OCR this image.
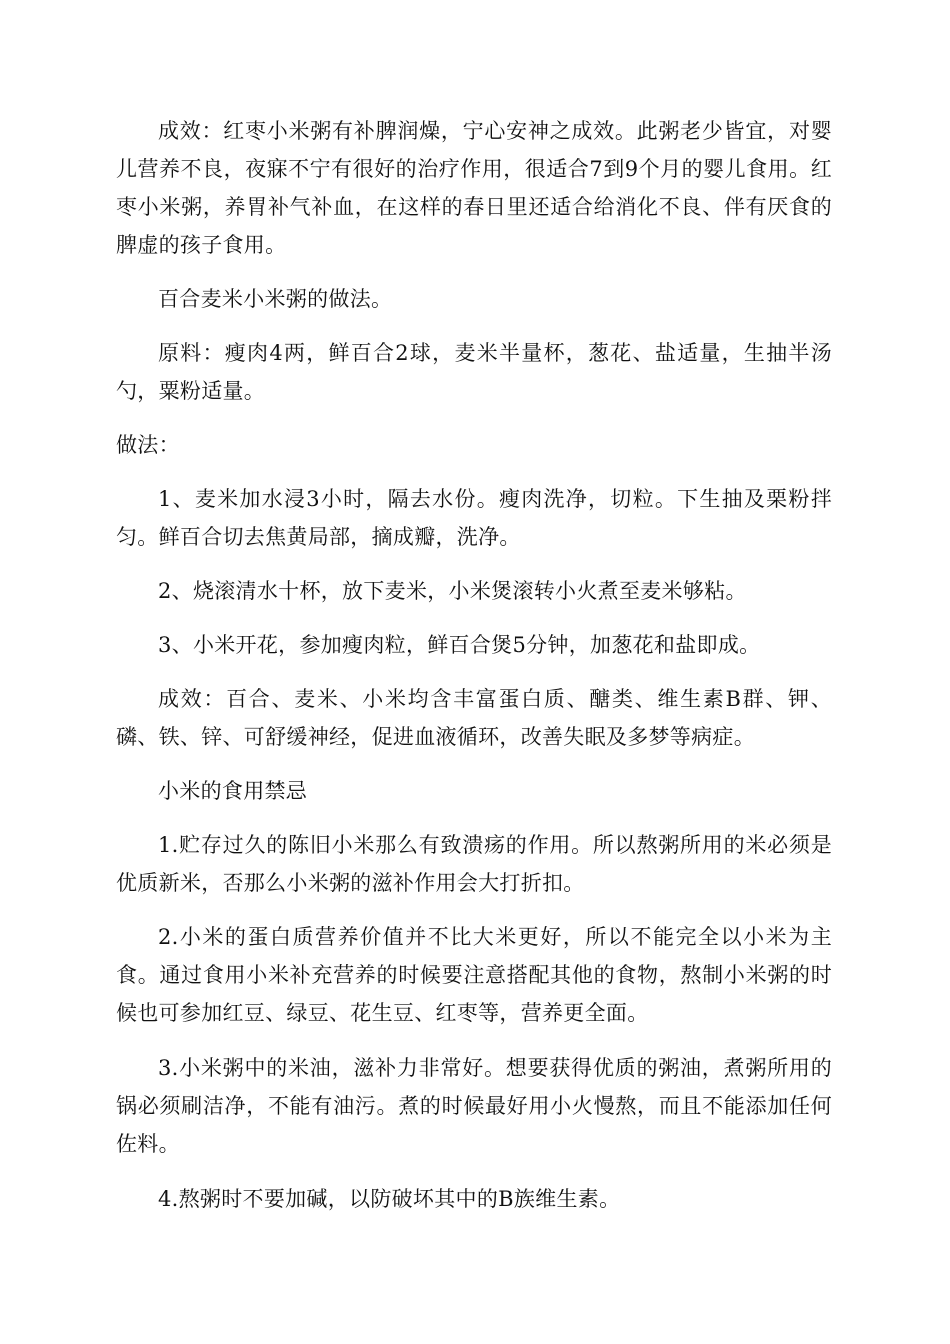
成效：红枣小米粥有补脾润燥，宁心安神之成效。此粥老少皆宜，对婴儿营养不良，夜寐不宁有很好的治疗作用，很适合7到9个月的婴儿食用。红枣小米粥，养胃补气补血，在这样的春日里还适合给消化不良、伴有厌食的脾虚的孩子食用。

百合麦米小米粥的做法。

原料：瘦肉4两，鲜百合2球，麦米半量杯，葱花、盐适量，生抽半汤勺，粟粉适量。

做法：

1、麦米加水浸3小时，隔去水份。瘦肉洗净，切粒。下生抽及栗粉拌匀。鲜百合切去焦黄局部，摘成瓣，洗净。

2、烧滚清水十杯，放下麦米，小米煲滚转小火煮至麦米够粘。

3、小米开花，参加瘦肉粒，鲜百合煲5分钟，加葱花和盐即成。

成效：百合、麦米、小米均含丰富蛋白质、醣类、维生素B群、钾、磷、铁、锌、可舒缓神经，促进血液循环，改善失眠及多梦等病症。

小米的食用禁忌

1.贮存过久的陈旧小米那么有致溃疡的作用。所以熬粥所用的米必须是优质新米，否那么小米粥的滋补作用会大打折扣。

2.小米的蛋白质营养价值并不比大米更好，所以不能完全以小米为主食。通过食用小米补充营养的时候要注意搭配其他的食物，熬制小米粥的时候也可参加红豆、绿豆、花生豆、红枣等，营养更全面。

3.小米粥中的米油，滋补力非常好。想要获得优质的粥油，煮粥所用的锅必须刷洁净，不能有油污。煮的时候最好用小火慢熬，而且不能添加任何佐料。

4.熬粥时不要加碱，以防破坏其中的B族维生素。
